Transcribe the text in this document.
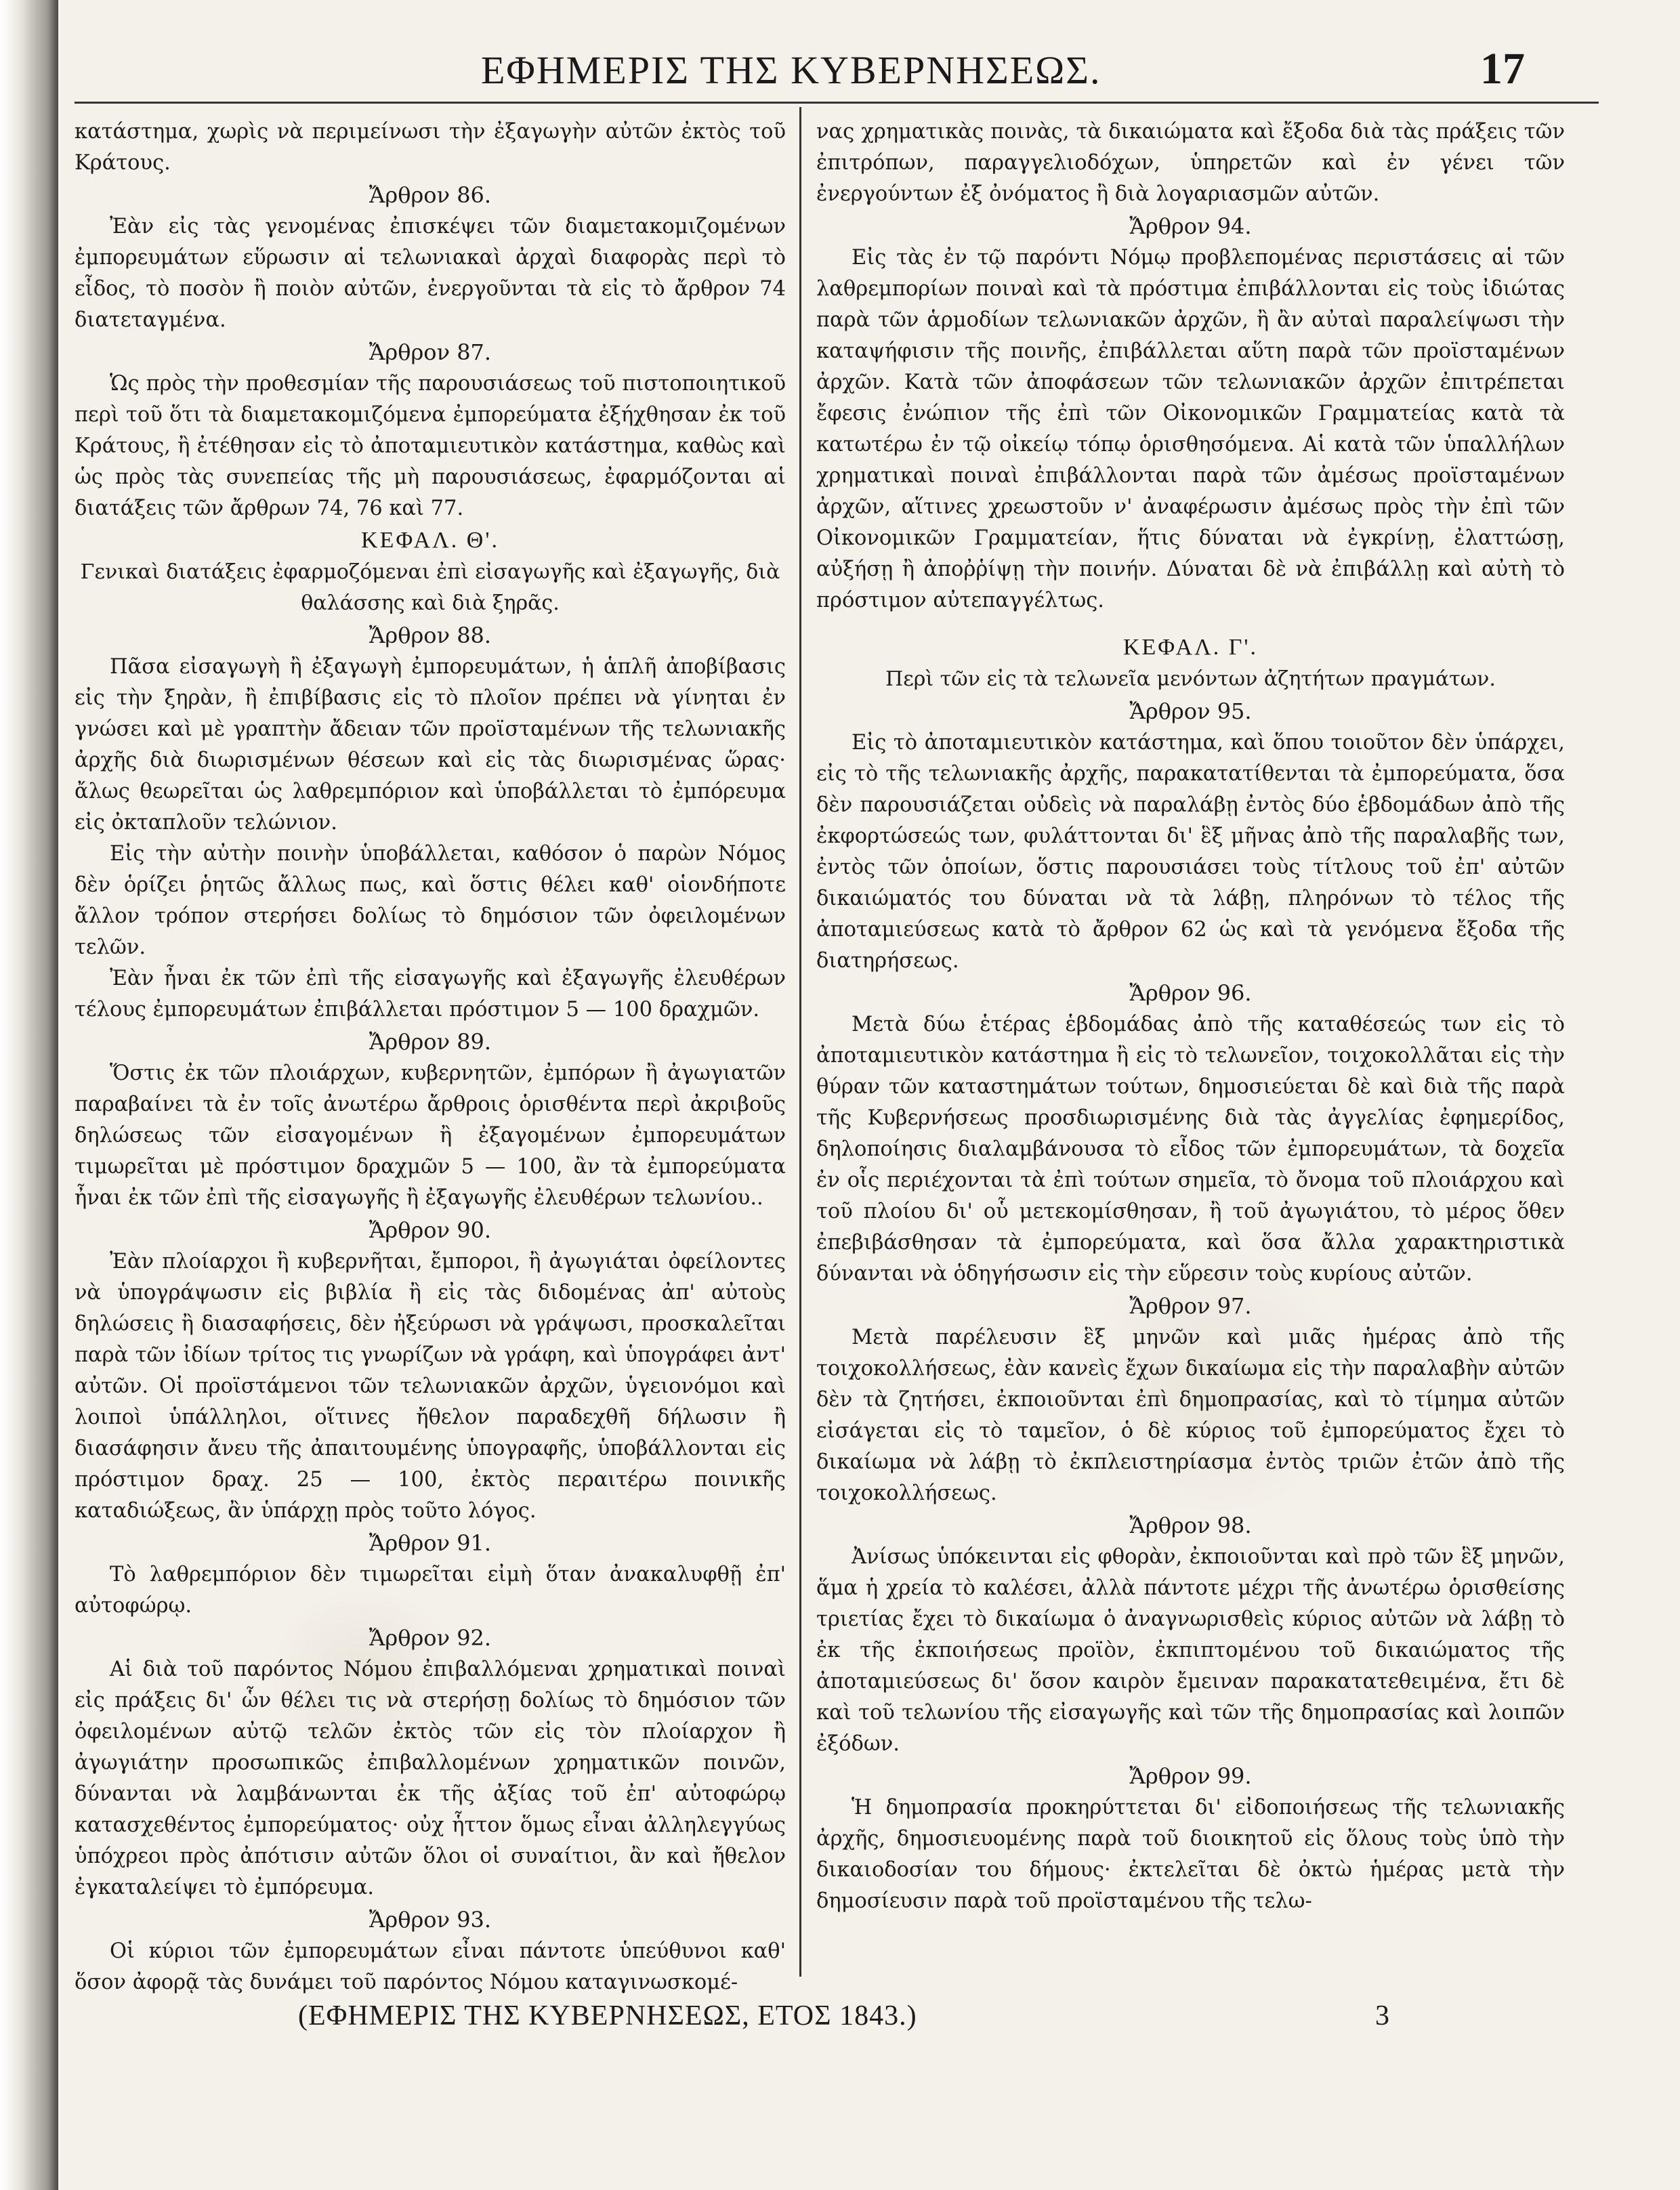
ΕΦΗΜΕΡΙΣ ΤΗΣ ΚΥΒΕΡΝΗΣΕΩΣ.	17

κατάστημα, χωρὶς νὰ περιμείνωσι τὴν ἐξαγωγὴν αὐτῶν ἐκτὸς τοῦ Κράτους.

Ἄρθρον 86.

Ἐὰν εἰς τὰς γενομένας ἐπισκέψει τῶν διαμετακομιζομένων ἐμπορευμάτων εὕρωσιν αἱ τελωνιακαὶ ἀρχαὶ διαφορὰς περὶ τὸ εἶδος, τὸ ποσὸν ἢ ποιὸν αὐτῶν, ἐνεργοῦνται τὰ εἰς τὸ ἄρθρον 74 διατεταγμένα.

Ἄρθρον 87.

Ὡς πρὸς τὴν προθεσμίαν τῆς παρουσιάσεως τοῦ πιστοποιητικοῦ περὶ τοῦ ὅτι τὰ διαμετακομιζόμενα ἐμπορεύματα ἐξήχθησαν ἐκ τοῦ Κράτους, ἢ ἐτέθησαν εἰς τὸ ἀποταμιευτικὸν κατάστημα, καθὼς καὶ ὡς πρὸς τὰς συνεπείας τῆς μὴ παρουσιάσεως, ἐφαρμόζονται αἱ διατάξεις τῶν ἄρθρων 74, 76 καὶ 77.

ΚΕΦΑΛ. Θ'.

Γενικαὶ διατάξεις ἐφαρμοζόμεναι ἐπὶ εἰσαγωγῆς καὶ ἐξαγωγῆς, διὰ θαλάσσης καὶ διὰ ξηρᾶς.

Ἄρθρον 88.

Πᾶσα εἰσαγωγὴ ἢ ἐξαγωγὴ ἐμπορευμάτων, ἡ ἁπλῆ ἀποβίβασις εἰς τὴν ξηρὰν, ἢ ἐπιβίβασις εἰς τὸ πλοῖον πρέπει νὰ γίνηται ἐν γνώσει καὶ μὲ γραπτὴν ἄδειαν τῶν προϊσταμένων τῆς τελωνιακῆς ἀρχῆς διὰ διωρισμένων θέσεων καὶ εἰς τὰς διωρισμένας ὥρας· ἄλως θεωρεῖται ὡς λαθρεμπόριον καὶ ὑποβάλλεται τὸ ἐμπόρευμα εἰς ὀκταπλοῦν τελώνιον.

Εἰς τὴν αὐτὴν ποινὴν ὑποβάλλεται, καθόσον ὁ παρὼν Νόμος δὲν ὁρίζει ῥητῶς ἄλλως πως, καὶ ὅστις θέλει καθ' οἱονδήποτε ἄλλον τρόπον στερήσει δολίως τὸ δημόσιον τῶν ὀφειλομένων τελῶν.

Ἐὰν ἦναι ἐκ τῶν ἐπὶ τῆς εἰσαγωγῆς καὶ ἐξαγωγῆς ἐλευθέρων τέλους ἐμπορευμάτων ἐπιβάλλεται πρόστιμον 5 — 100 δραχμῶν.

Ἄρθρον 89.

Ὅστις ἐκ τῶν πλοιάρχων, κυβερνητῶν, ἐμπόρων ἢ ἀγωγιατῶν παραβαίνει τὰ ἐν τοῖς ἀνωτέρω ἄρθροις ὁρισθέντα περὶ ἀκριβοῦς δηλώσεως τῶν εἰσαγομένων ἢ ἐξαγομένων ἐμπορευμάτων τιμωρεῖται μὲ πρόστιμον δραχμῶν 5 — 100, ἂν τὰ ἐμπορεύματα ἦναι ἐκ τῶν ἐπὶ τῆς εἰσαγωγῆς ἢ ἐξαγωγῆς ἐλευθέρων τελωνίου..

Ἄρθρον 90.

Ἐὰν πλοίαρχοι ἢ κυβερνῆται, ἔμποροι, ἢ ἀγωγιάται ὀφείλοντες νὰ ὑπογράψωσιν εἰς βιβλία ἢ εἰς τὰς διδομένας ἀπ' αὐτοὺς δηλώσεις ἢ διασαφήσεις, δὲν ἠξεύρωσι νὰ γράψωσι, προσκαλεῖται παρὰ τῶν ἰδίων τρίτος τις γνωρίζων νὰ γράφη, καὶ ὑπογράφει ἀντ' αὐτῶν. Οἱ προϊστάμενοι τῶν τελωνιακῶν ἀρχῶν, ὑγειονόμοι καὶ λοιποὶ ὑπάλληλοι, οἵτινες ἤθελον παραδεχθῆ δήλωσιν ἢ διασάφησιν ἄνευ τῆς ἀπαιτουμένης ὑπογραφῆς, ὑποβάλλονται εἰς πρόστιμον δραχ. 25 — 100, ἐκτὸς περαιτέρω ποινικῆς καταδιώξεως, ἂν ὑπάρχῃ πρὸς τοῦτο λόγος.

Ἄρθρον 91.

Τὸ λαθρεμπόριον δὲν τιμωρεῖται εἰμὴ ὅταν ἀνακαλυφθῇ ἐπ' αὐτοφώρῳ.

Ἄρθρον 92.

Αἱ διὰ τοῦ παρόντος Νόμου ἐπιβαλλόμεναι χρηματικαὶ ποιναὶ εἰς πράξεις δι' ὧν θέλει τις νὰ στερήσῃ δολίως τὸ δημόσιον τῶν ὀφειλομένων αὐτῷ τελῶν ἐκτὸς τῶν εἰς τὸν πλοίαρχον ἢ ἀγωγιάτην προσωπικῶς ἐπιβαλλομένων χρηματικῶν ποινῶν, δύνανται νὰ λαμβάνωνται ἐκ τῆς ἀξίας τοῦ ἐπ' αὐτοφώρῳ κατασχεθέντος ἐμπορεύματος· οὐχ ἧττον ὅμως εἶναι ἀλληλεγγύως ὑπόχρεοι πρὸς ἀπότισιν αὐτῶν ὅλοι οἱ συναίτιοι, ἂν καὶ ἤθελον ἐγκαταλείψει τὸ ἐμπόρευμα.

Ἄρθρον 93.

Οἱ κύριοι τῶν ἐμπορευμάτων εἶναι πάντοτε ὑπεύθυνοι καθ' ὅσον ἀφορᾷ τὰς δυνάμει τοῦ παρόντος Νόμου καταγινωσκομέ-

νας χρηματικὰς ποινὰς, τὰ δικαιώματα καὶ ἔξοδα διὰ τὰς πράξεις τῶν ἐπιτρόπων, παραγγελιοδόχων, ὑπηρετῶν καὶ ἐν γένει τῶν ἐνεργούντων ἐξ ὀνόματος ἢ διὰ λογαριασμῶν αὐτῶν.

Ἄρθρον 94.

Εἰς τὰς ἐν τῷ παρόντι Νόμῳ προβλεπομένας περιστάσεις αἱ τῶν λαθρεμπορίων ποιναὶ καὶ τὰ πρόστιμα ἐπιβάλλονται εἰς τοὺς ἰδιώτας παρὰ τῶν ἁρμοδίων τελωνιακῶν ἀρχῶν, ἢ ἂν αὐταὶ παραλείψωσι τὴν καταψήφισιν τῆς ποινῆς, ἐπιβάλλεται αὕτη παρὰ τῶν προϊσταμένων ἀρχῶν. Κατὰ τῶν ἀποφάσεων τῶν τελωνιακῶν ἀρχῶν ἐπιτρέπεται ἔφεσις ἐνώπιον τῆς ἐπὶ τῶν Οἰκονομικῶν Γραμματείας κατὰ τὰ κατωτέρω ἐν τῷ οἰκείῳ τόπῳ ὁρισθησόμενα. Αἱ κατὰ τῶν ὑπαλλήλων χρηματικαὶ ποιναὶ ἐπιβάλλονται παρὰ τῶν ἀμέσως προϊσταμένων ἀρχῶν, αἵτινες χρεωστοῦν ν' ἀναφέρωσιν ἀμέσως πρὸς τὴν ἐπὶ τῶν Οἰκονομικῶν Γραμματείαν, ἥτις δύναται νὰ ἐγκρίνῃ, ἐλαττώσῃ, αὐξήσῃ ἢ ἀποῤῥίψῃ τὴν ποινήν. Δύναται δὲ νὰ ἐπιβάλλῃ καὶ αὐτὴ τὸ πρόστιμον αὐτεπαγγέλτως.

ΚΕΦΑΛ. Γ'.

Περὶ τῶν εἰς τὰ τελωνεῖα μενόντων ἀζητήτων πραγμάτων.

Ἄρθρον 95.

Εἰς τὸ ἀποταμιευτικὸν κατάστημα, καὶ ὅπου τοιοῦτον δὲν ὑπάρχει, εἰς τὸ τῆς τελωνιακῆς ἀρχῆς, παρακατατίθενται τὰ ἐμπορεύματα, ὅσα δὲν παρουσιάζεται οὐδεὶς νὰ παραλάβῃ ἐντὸς δύο ἑβδομάδων ἀπὸ τῆς ἐκφορτώσεώς των, φυλάττονται δι' ἓξ μῆνας ἀπὸ τῆς παραλαβῆς των, ἐντὸς τῶν ὁποίων, ὅστις παρουσιάσει τοὺς τίτλους τοῦ ἐπ' αὐτῶν δικαιώματός του δύναται νὰ τὰ λάβῃ, πληρόνων τὸ τέλος τῆς ἀποταμιεύσεως κατὰ τὸ ἄρθρον 62 ὡς καὶ τὰ γενόμενα ἔξοδα τῆς διατηρήσεως.

Ἄρθρον 96.

Μετὰ δύω ἑτέρας ἑβδομάδας ἀπὸ τῆς καταθέσεώς των εἰς τὸ ἀποταμιευτικὸν κατάστημα ἢ εἰς τὸ τελωνεῖον, τοιχοκολλᾶται εἰς τὴν θύραν τῶν καταστημάτων τούτων, δημοσιεύεται δὲ καὶ διὰ τῆς παρὰ τῆς Κυβερνήσεως προσδιωρισμένης διὰ τὰς ἀγγελίας ἐφημερίδος, δηλοποίησις διαλαμβάνουσα τὸ εἶδος τῶν ἐμπορευμάτων, τὰ δοχεῖα ἐν οἷς περιέχονται τὰ ἐπὶ τούτων σημεῖα, τὸ ὄνομα τοῦ πλοιάρχου καὶ τοῦ πλοίου δι' οὗ μετεκομίσθησαν, ἢ τοῦ ἀγωγιάτου, τὸ μέρος ὅθεν ἐπεβιβάσθησαν τὰ ἐμπορεύματα, καὶ ὅσα ἄλλα χαρακτηριστικὰ δύνανται νὰ ὁδηγήσωσιν εἰς τὴν εὕρεσιν τοὺς κυρίους αὐτῶν.

Ἄρθρον 97.

Μετὰ παρέλευσιν ἓξ μηνῶν καὶ μιᾶς ἡμέρας ἀπὸ τῆς τοιχοκολλήσεως, ἐὰν κανεὶς ἔχων δικαίωμα εἰς τὴν παραλαβὴν αὐτῶν δὲν τὰ ζητήσει, ἐκποιοῦνται ἐπὶ δημοπρασίας, καὶ τὸ τίμημα αὐτῶν εἰσάγεται εἰς τὸ ταμεῖον, ὁ δὲ κύριος τοῦ ἐμπορεύματος ἔχει τὸ δικαίωμα νὰ λάβῃ τὸ ἐκπλειστηρίασμα ἐντὸς τριῶν ἐτῶν ἀπὸ τῆς τοιχοκολλήσεως.

Ἄρθρον 98.

Ἀνίσως ὑπόκεινται εἰς φθορὰν, ἐκποιοῦνται καὶ πρὸ τῶν ἓξ μηνῶν, ἅμα ἡ χρεία τὸ καλέσει, ἀλλὰ πάντοτε μέχρι τῆς ἀνωτέρω ὁρισθείσης τριετίας ἔχει τὸ δικαίωμα ὁ ἀναγνωρισθεὶς κύριος αὐτῶν νὰ λάβῃ τὸ ἐκ τῆς ἐκποιήσεως προϊὸν, ἐκπιπτομένου τοῦ δικαιώματος τῆς ἀποταμιεύσεως δι' ὅσον καιρὸν ἔμειναν παρακατατεθειμένα, ἔτι δὲ καὶ τοῦ τελωνίου τῆς εἰσαγωγῆς καὶ τῶν τῆς δημοπρασίας καὶ λοιπῶν ἐξόδων.

Ἄρθρον 99.

Ἡ δημοπρασία προκηρύττεται δι' εἰδοποιήσεως τῆς τελωνιακῆς ἀρχῆς, δημοσιευομένης παρὰ τοῦ διοικητοῦ εἰς ὅλους τοὺς ὑπὸ τὴν δικαιοδοσίαν του δήμους· ἐκτελεῖται δὲ ὀκτὼ ἡμέρας μετὰ τὴν δημοσίευσιν παρὰ τοῦ προϊσταμένου τῆς τελω-

(ΕΦΗΜΕΡΙΣ ΤΗΣ ΚΥΒΕΡΝΗΣΕΩΣ, ΕΤΟΣ 1843.)	3
